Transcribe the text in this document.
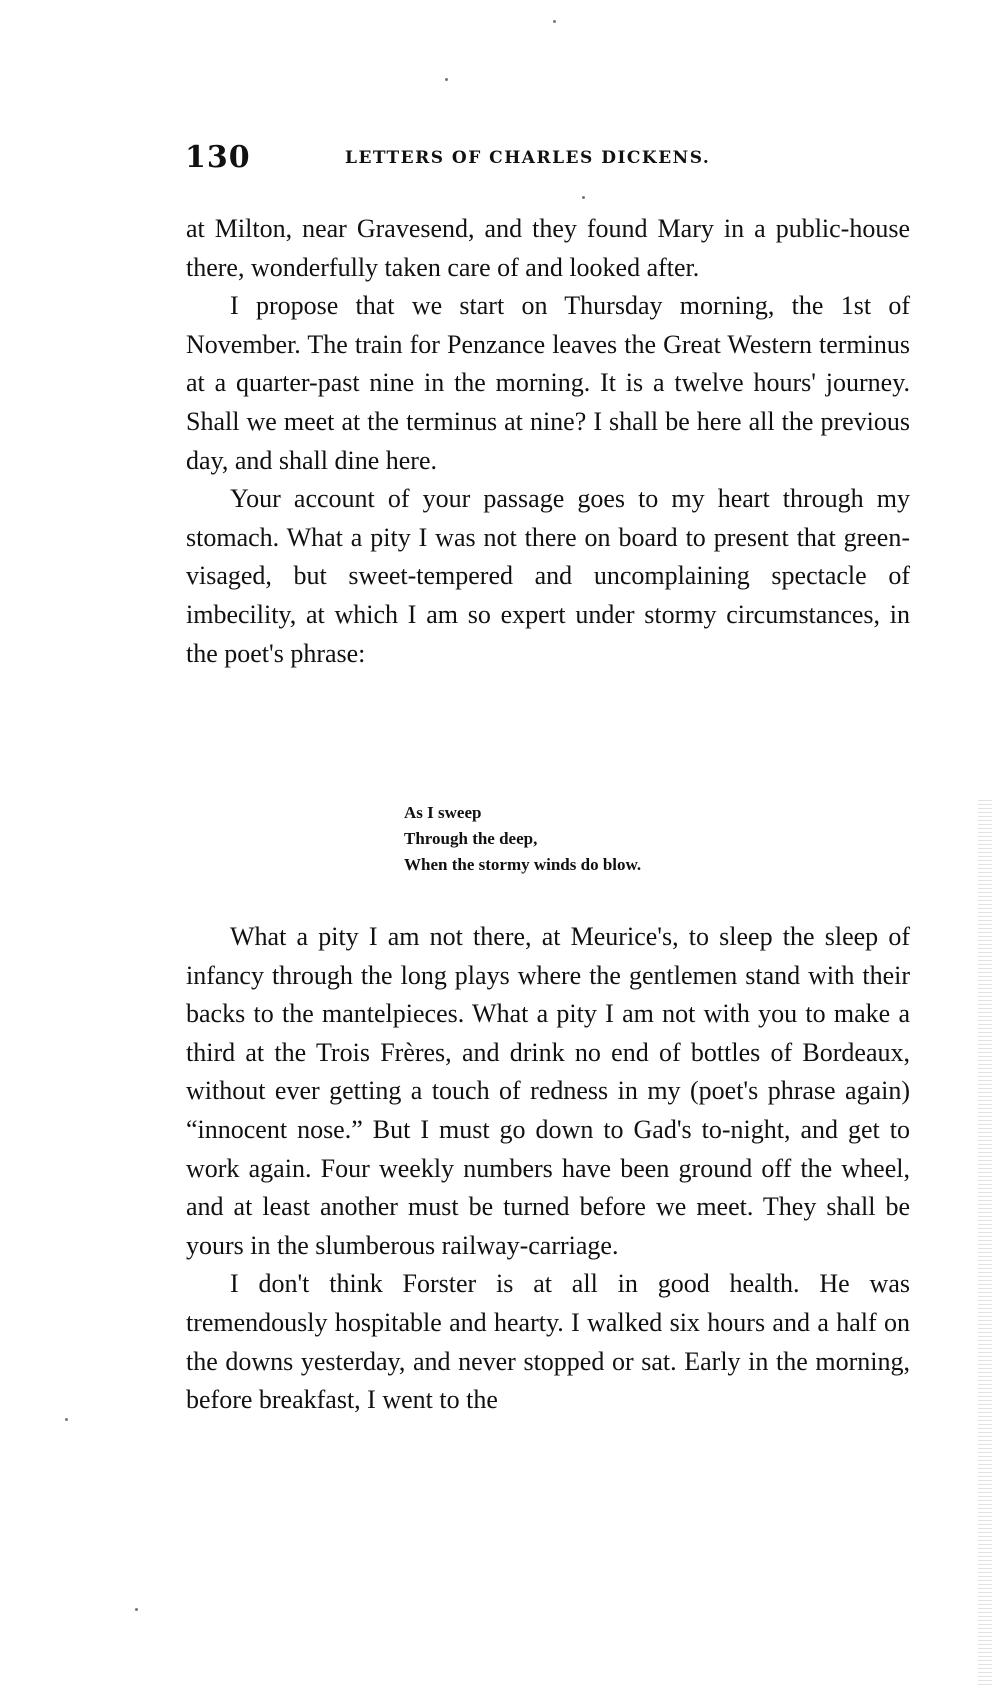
130	LETTERS OF CHARLES DICKENS.

at Milton, near Gravesend, and they found Mary in a public-house there, wonderfully taken care of and looked after.

I propose that we start on Thursday morning, the 1st of November. The train for Penzance leaves the Great Western terminus at a quarter-past nine in the morning. It is a twelve hours' journey. Shall we meet at the terminus at nine? I shall be here all the previous day, and shall dine here.

Your account of your passage goes to my heart through my stomach. What a pity I was not there on board to present that green-visaged, but sweet-tempered and uncomplaining spectacle of imbecility, at which I am so expert under stormy circumstances, in the poet's phrase:

As I sweep
Through the deep,
When the stormy winds do blow.

What a pity I am not there, at Meurice's, to sleep the sleep of infancy through the long plays where the gentlemen stand with their backs to the mantelpieces. What a pity I am not with you to make a third at the Trois Frères, and drink no end of bottles of Bordeaux, without ever getting a touch of redness in my (poet's phrase again) “innocent nose.” But I must go down to Gad's to-night, and get to work again. Four weekly numbers have been ground off the wheel, and at least another must be turned before we meet. They shall be yours in the slumberous railway-carriage.

I don't think Forster is at all in good health. He was tremendously hospitable and hearty. I walked six hours and a half on the downs yesterday, and never stopped or sat. Early in the morning, before breakfast, I went to the
